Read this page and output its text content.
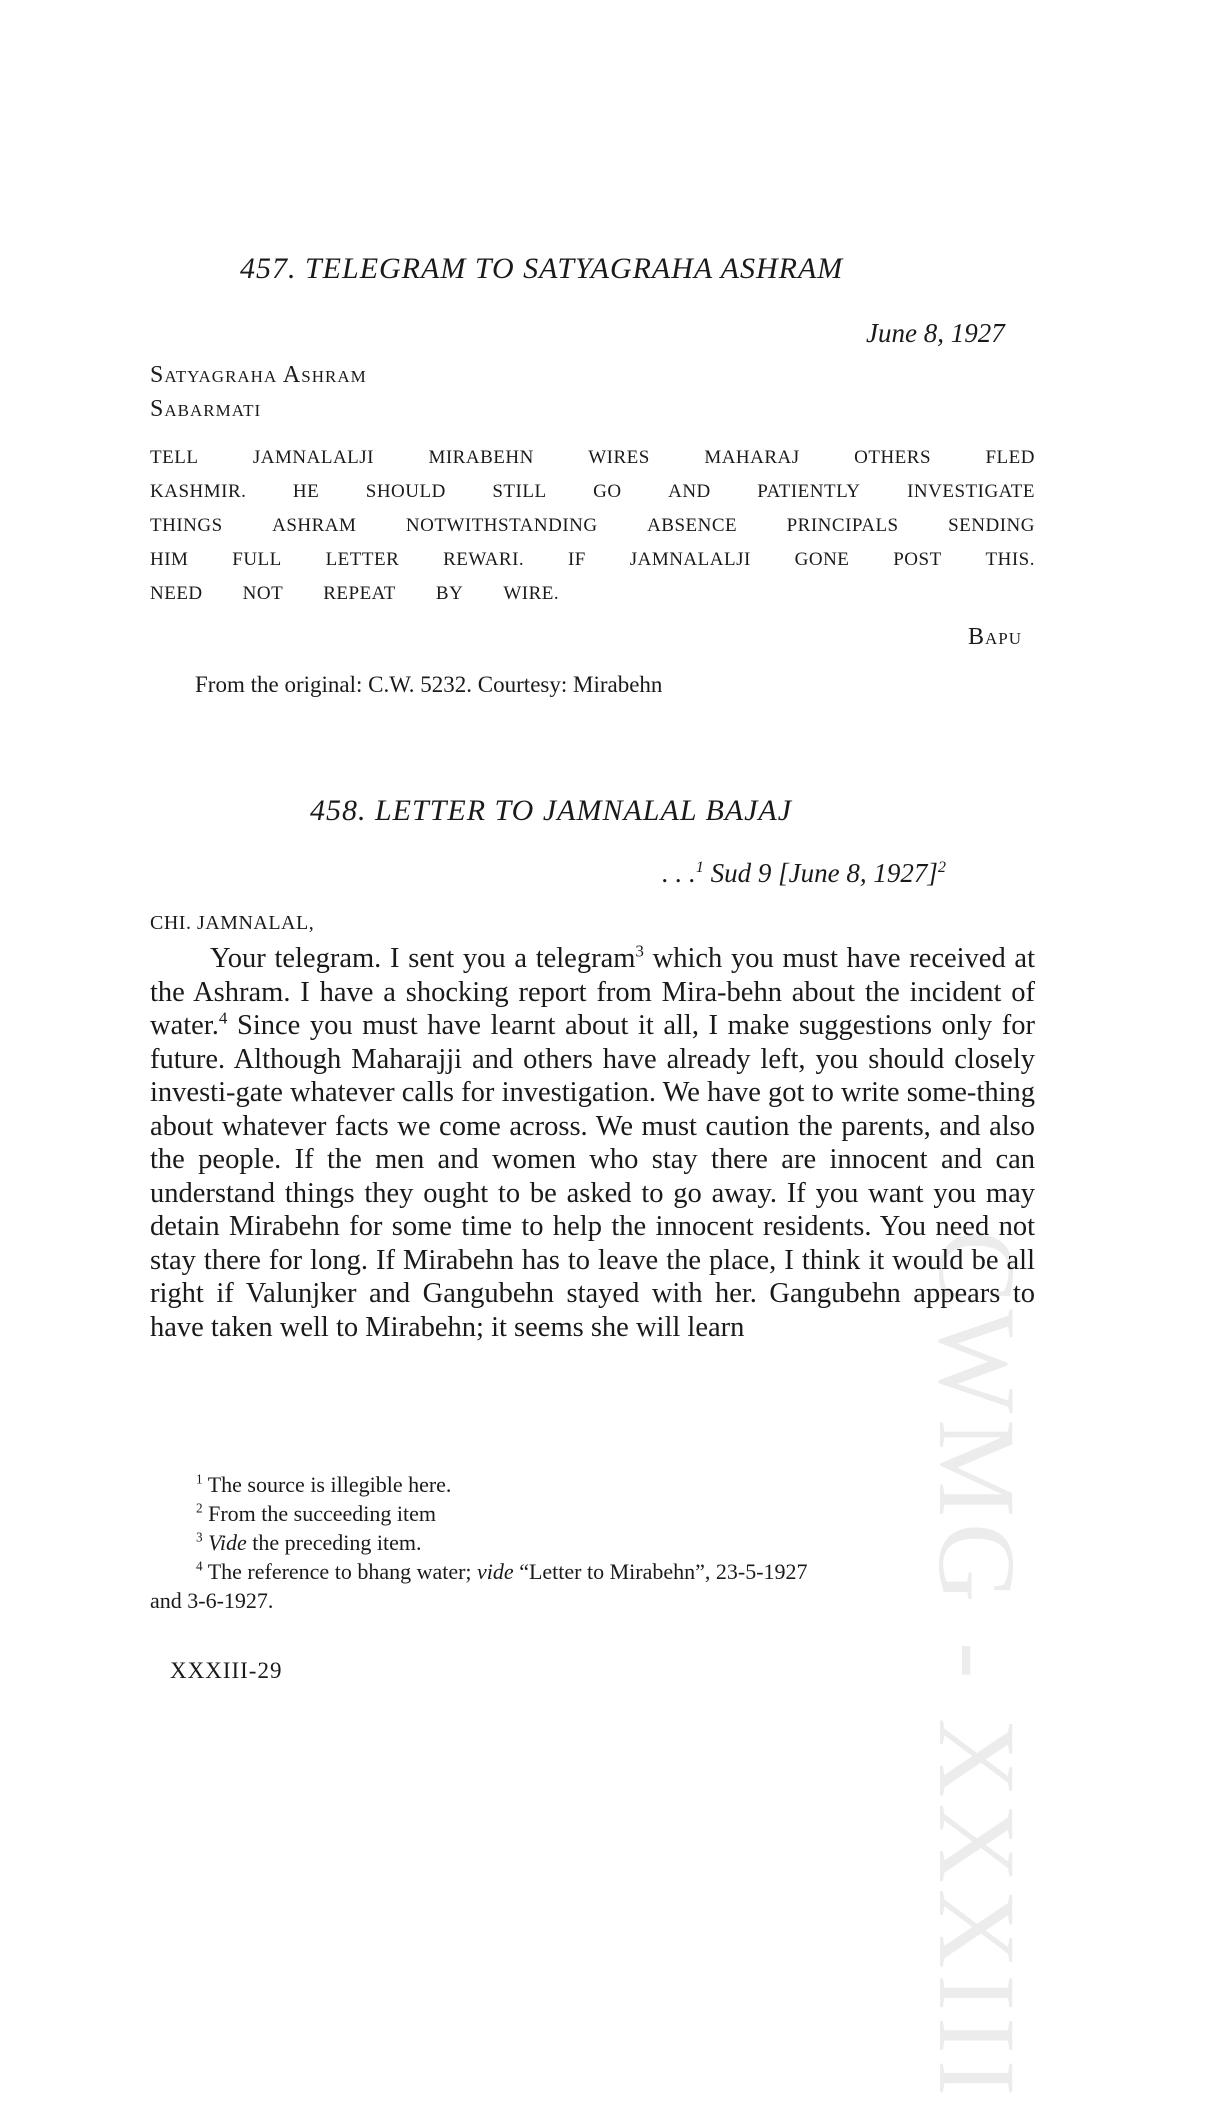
CWMG - XXXIII
457. TELEGRAM TO SATYAGRAHA ASHRAM
June 8, 1927
Satyagraha Ashram
Sabarmati
TELL	JAMNALALJI	MIRABEHN	WIRES	MAHARAJ	OTHERS	FLED
KASHMIR. HE SHOULD STILL GO AND PATIENTLY INVESTIGATE
THINGS	ASHRAM	NOTWITHSTANDING	ABSENCE	PRINCIPALS	SENDING
HIM FULL LETTER REWARI. IF JAMNALALJI GONE POST THIS.
NEED NOT REPEAT BY WIRE.
Bapu
From the original: C.W. 5232. Courtesy: Mirabehn
458. LETTER TO JAMNALAL BAJAJ
. . .$^1$ Sud 9 [June 8, 1927]$^2$
CHI. JAMNALAL,
Your telegram. I sent you a telegram$^3$ which you must have received at the Ashram. I have a shocking report from Mira-behn about the incident of water.$^4$ Since you must have learnt about it all, I make suggestions only for future. Although Maharajji and others have already left, you should closely investi-gate whatever calls for investigation. We have got to write some-thing about whatever facts we come across. We must caution the parents, and also the people. If the men and women who stay there are innocent and can understand things they ought to be asked to go away. If you want you may detain Mirabehn for some time to help the innocent residents. You need not stay there for long. If Mirabehn has to leave the place, I think it would be all right if Valunjker and Gangubehn stayed with her. Gangubehn appears to have taken well to Mirabehn; it seems she will learn
$^1$ The source is illegible here.
$^2$ From the succeeding item
$^3$ Vide the preceding item.
$^4$ The reference to bhang water; vide “Letter to Mirabehn”, 23-5-1927
and 3-6-1927.
XXXIII-29
